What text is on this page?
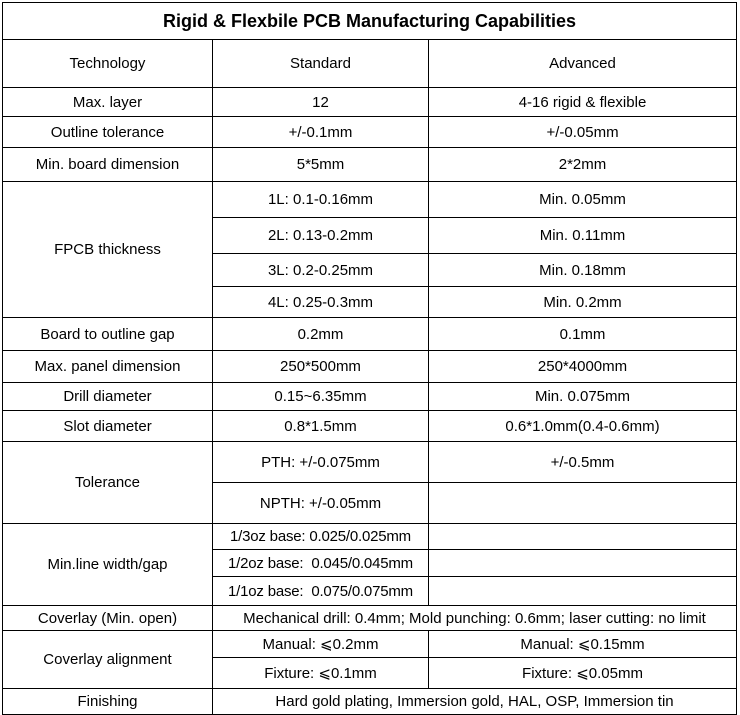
Rigid & Flexbile PCB Manufacturing Capabilities		
Technology	Standard	Advanced
Max. layer	12	4-16 rigid & flexible
Outline tolerance	+/-0.1mm	+/-0.05mm
Min. board dimension	5*5mm	2*2mm
FPCB thickness	1L: 0.1-0.16mm	Min. 0.05mm
	2L: 0.13-0.2mm	Min. 0.11mm
	3L: 0.2-0.25mm	Min. 0.18mm
	4L: 0.25-0.3mm	Min. 0.2mm
Board to outline gap	0.2mm	0.1mm
Max. panel dimension	250*500mm	250*4000mm
Drill diameter	0.15~6.35mm	Min. 0.075mm
Slot diameter	0.8*1.5mm	0.6*1.0mm(0.4-0.6mm)
Tolerance	PTH: +/-0.075mm	+/-0.5mm
	NPTH: +/-0.05mm	
Min.line width/gap	1/3oz base: 0.025/0.025mm	
	1/2oz base:  0.045/0.045mm	
	1/1oz base:  0.075/0.075mm	
Coverlay (Min. open)	Mechanical drill: 0.4mm; Mold punching: 0.6mm; laser cutting: no limit	
Coverlay alignment	Manual: ⩽0.2mm	Manual: ⩽0.15mm
	Fixture: ⩽0.1mm	Fixture: ⩽0.05mm
Finishing	Hard gold plating, Immersion gold, HAL, OSP, Immersion tin	
